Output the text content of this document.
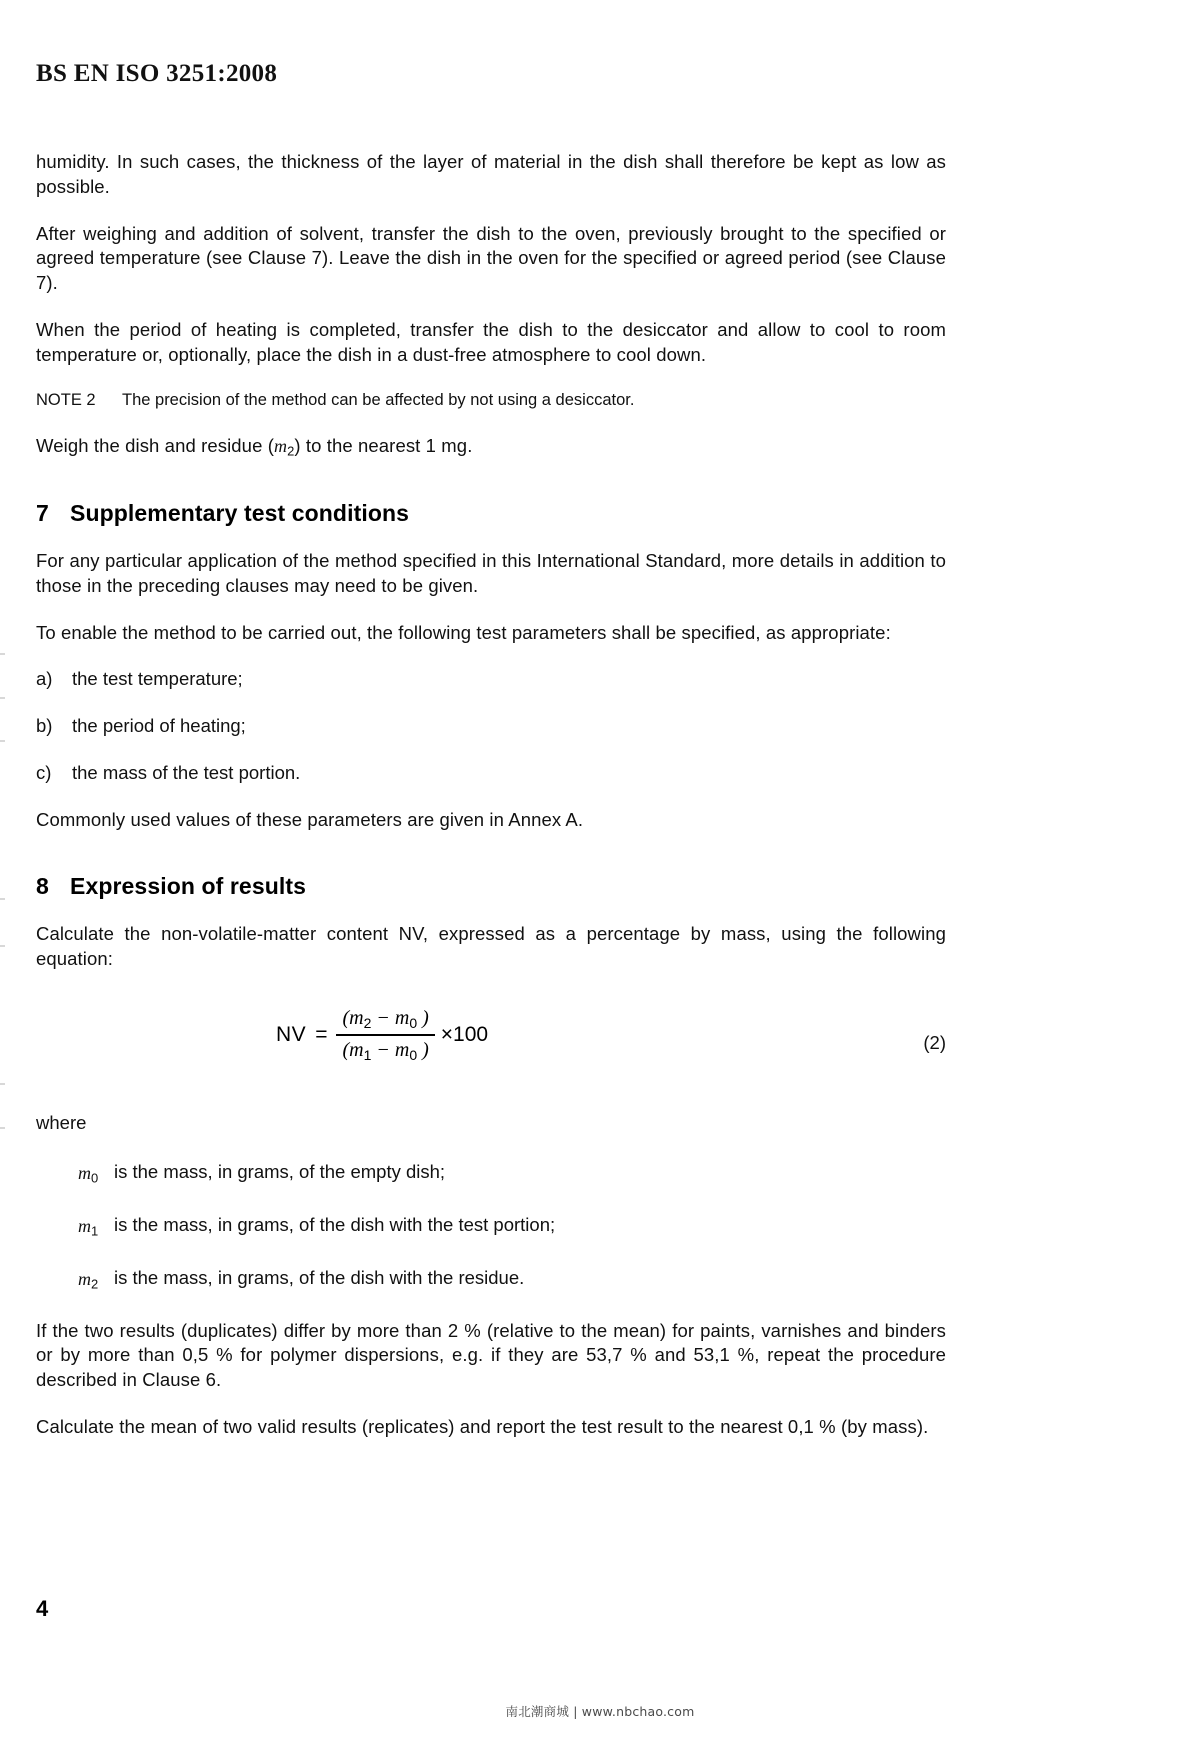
BS EN ISO 3251:2008

humidity. In such cases, the thickness of the layer of material in the dish shall therefore be kept as low as possible.

After weighing and addition of solvent, transfer the dish to the oven, previously brought to the specified or agreed temperature (see Clause 7). Leave the dish in the oven for the specified or agreed period (see Clause 7).

When the period of heating is completed, transfer the dish to the desiccator and allow to cool to room temperature or, optionally, place the dish in a dust-free atmosphere to cool down.

NOTE 2 The precision of the method can be affected by not using a desiccator.

Weigh the dish and residue $(m_2)$ to the nearest 1 mg.

7 Supplementary test conditions

For any particular application of the method specified in this International Standard, more details in addition to those in the preceding clauses may need to be given.

To enable the method to be carried out, the following test parameters shall be specified, as appropriate:

a)	the test temperature;
b)	the period of heating;
c)	the mass of the test portion.

Commonly used values of these parameters are given in Annex A.

8 Expression of results

Calculate the non-volatile-matter content NV, expressed as a percentage by mass, using the following equation:

NV = $\frac{(m_2 - m_0 )}{(m_1 - m_0 )} \times 100$	(2)
where
$m_0$ is the mass, in grams, of the empty dish;
$m_1$ is the mass, in grams, of the dish with the test portion;
$m_2$ is the mass, in grams, of the dish with the residue.

If the two results (duplicates) differ by more than 2 % (relative to the mean) for paints, varnishes and binders or by more than 0,5 % for polymer dispersions, e.g. if they are 53,7 % and 53,1 %, repeat the procedure described in Clause 6.

Calculate the mean of two valid results (replicates) and report the test result to the nearest 0,1 % (by mass).

4
南北潮商城 | www.nbchao.com
